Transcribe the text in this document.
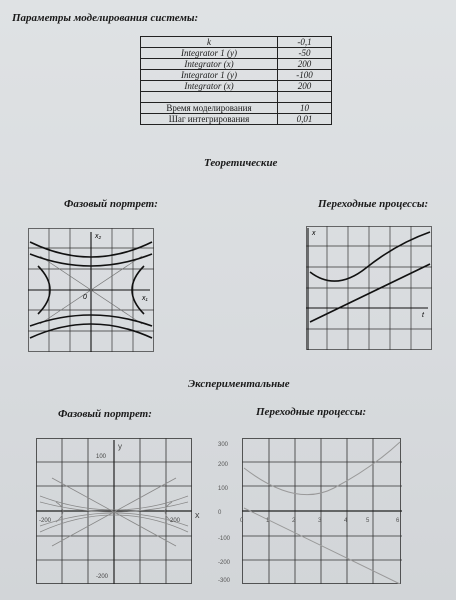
Параметры моделирования системы:
k	-0,1
Integrator 1 (y)	-50
Integrator (x)	200
Integrator 1 (y)	-100
Integrator (x)	200

Время моделирования	10
Шаг интегрирования	0,01
Теоретические
Фазовый портрет:	Переходные процессы:
x₂
x₁
0
x
t
Экспериментальные
Фазовый портрет:	Переходные процессы:
y
100
-200	200
-200
x
300
200
100
0
-100
-200
-300
0	1	2	3	4	5	6
